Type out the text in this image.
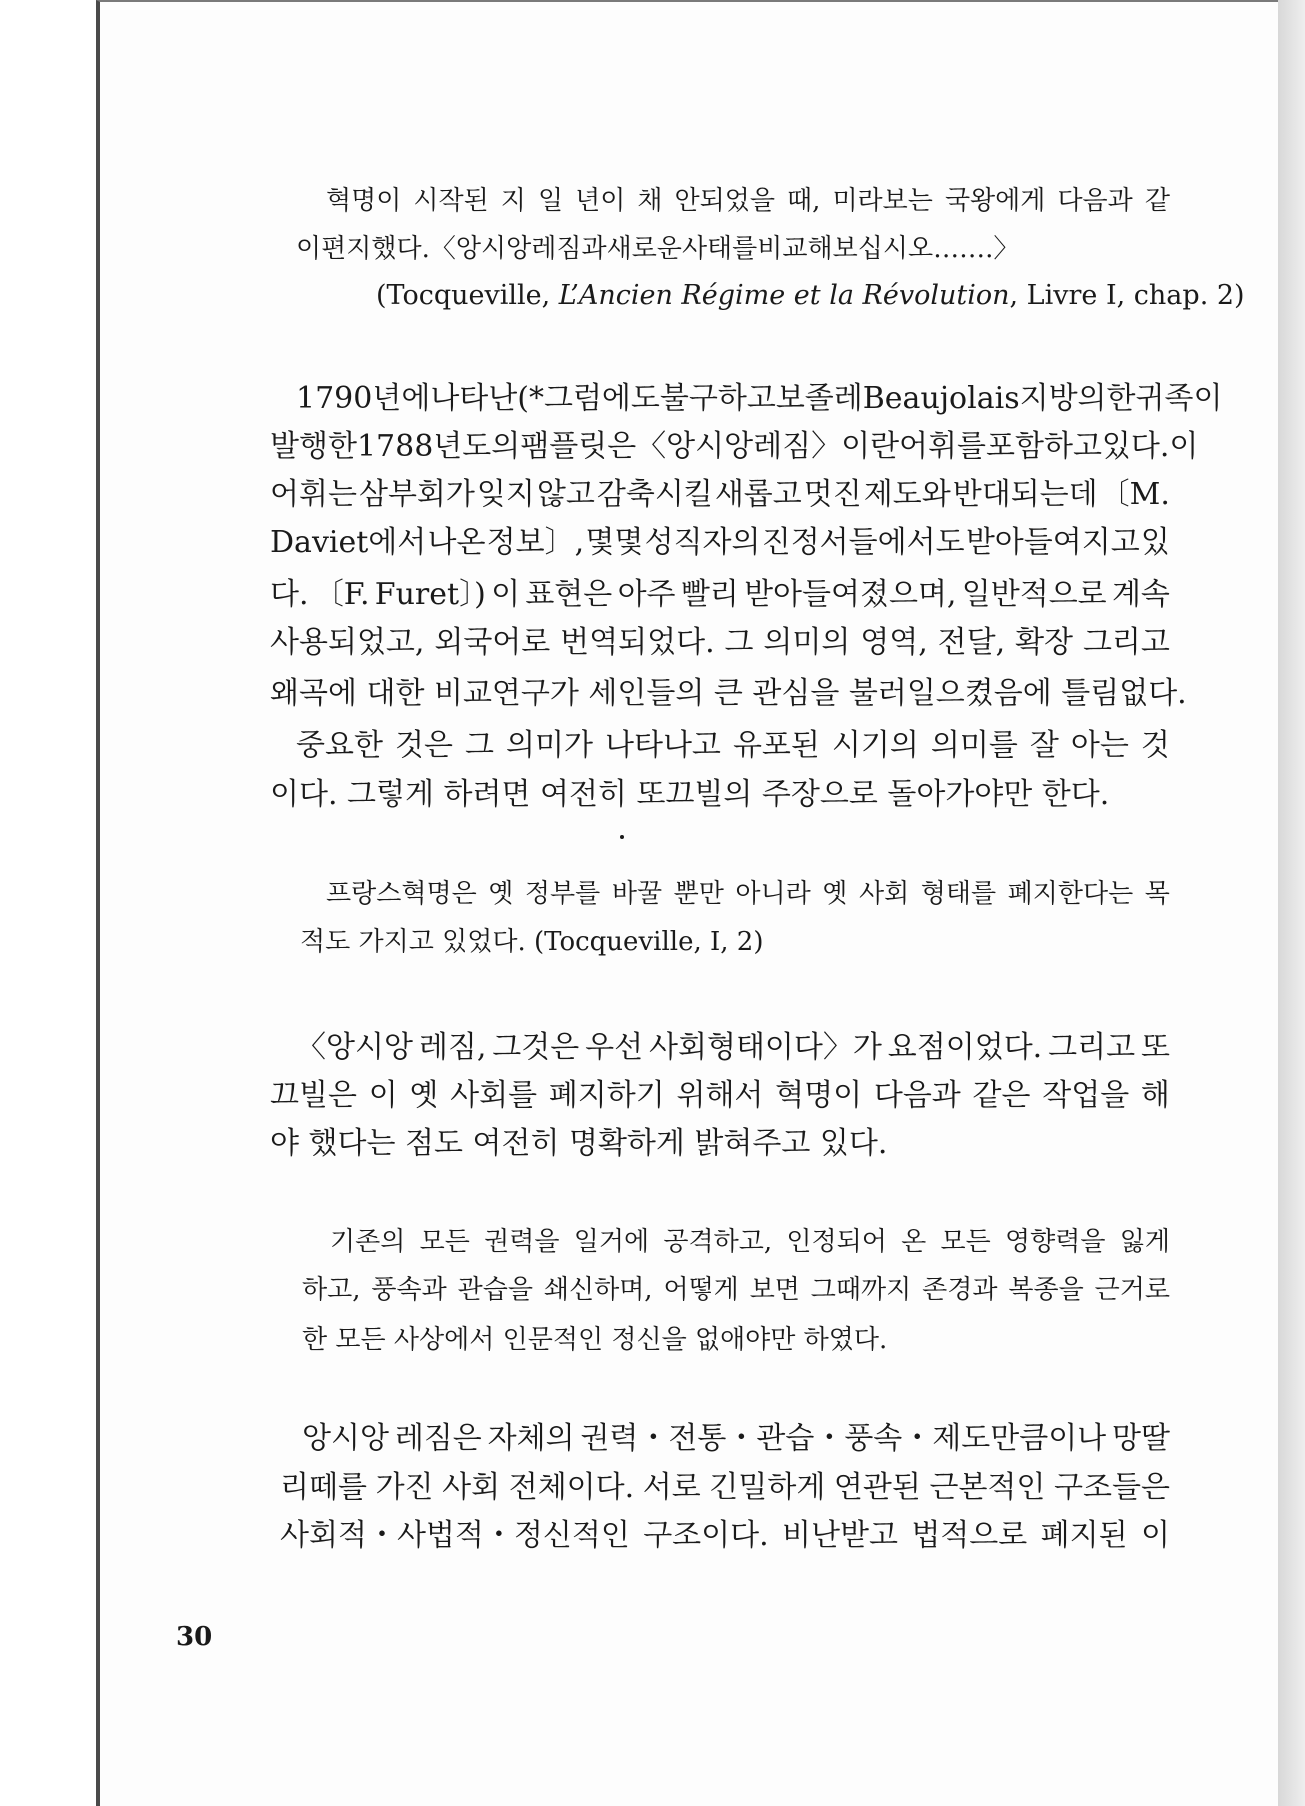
혁명이 시작된 지 일 년이 채 안되었을 때, 미라보는 국왕에게 다음과 같
이 편지했다. 〈앙시앙 레짐과 새로운 사태를 비교해 보십시오…….〉
(Tocqueville, L’Ancien Régime et la Révolution, Livre I, chap. 2)
1790년에 나타난(* 그럼에도 불구하고 보졸레Beaujolais 지방의 한 귀족이
발행한 1788년도의 팸플릿은 〈앙시앙 레짐〉이란 어휘를 포함하고 있다. 이
어휘는 삼부회가 잊지 않고 감축시킬 새롭고 멋진 제도와 반대되는데 〔M.
Daviet에서 나온 정보〕, 몇몇 성직자의 진정서들에서도 받아들여지고 있
다. 〔F. Furet〕) 이 표현은 아주 빨리 받아들여졌으며, 일반적으로 계속
사용되었고, 외국어로 번역되었다. 그 의미의 영역, 전달, 확장 그리고
왜곡에 대한 비교연구가 세인들의 큰 관심을 불러일으켰음에 틀림없다.
중요한 것은 그 의미가 나타나고 유포된 시기의 의미를 잘 아는 것
이다. 그렇게 하려면 여전히 또끄빌의 주장으로 돌아가야만 한다.
프랑스혁명은 옛 정부를 바꿀 뿐만 아니라 옛 사회 형태를 폐지한다는 목
적도 가지고 있었다. (Tocqueville, I, 2)
〈앙시앙 레짐, 그것은 우선 사회형태이다〉가 요점이었다. 그리고 또
끄빌은 이 옛 사회를 폐지하기 위해서 혁명이 다음과 같은 작업을 해
야 했다는 점도 여전히 명확하게 밝혀주고 있다.
기존의 모든 권력을 일거에 공격하고, 인정되어 온 모든 영향력을 잃게
하고, 풍속과 관습을 쇄신하며, 어떻게 보면 그때까지 존경과 복종을 근거로
한 모든 사상에서 인문적인 정신을 없애야만 하였다.
앙시앙 레짐은 자체의 권력・전통・관습・풍속・제도만큼이나 망딸
리떼를 가진 사회 전체이다. 서로 긴밀하게 연관된 근본적인 구조들은
사회적・사법적・정신적인 구조이다. 비난받고 법적으로 폐지된 이
30
